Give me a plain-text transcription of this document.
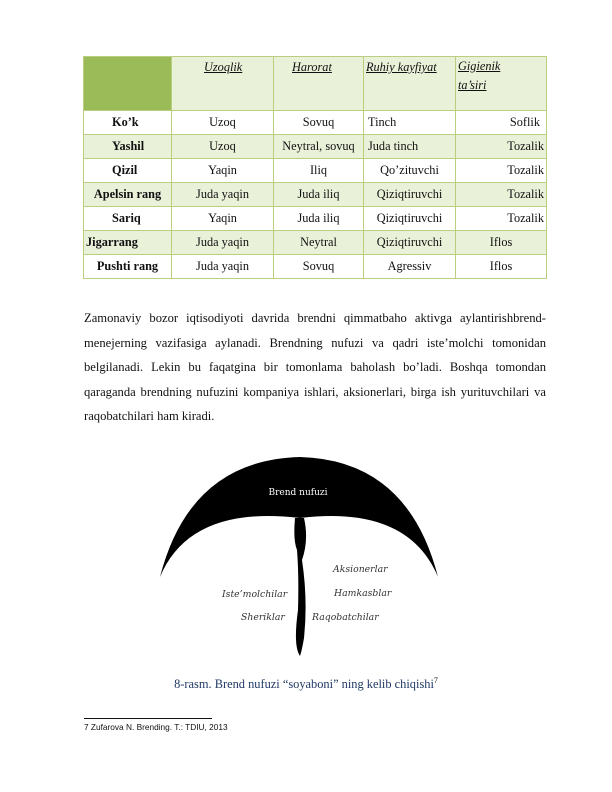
	Uzoqlik	Harorat	Ruhiy kayfiyat	Gigienik
ta’siri
Ko’k	Uzoq	Sovuq	Tinch	Soflik
Yashil	Uzoq	Neytral, sovuq	Juda tinch	Tozalik
Qizil	Yaqin	Iliq	Qo’zituvchi	Tozalik
Apelsin rang	Juda yaqin	Juda iliq	Qiziqtiruvchi	Tozalik
Sariq	Yaqin	Juda iliq	Qiziqtiruvchi	Tozalik
Jigarrang	Juda yaqin	Neytral	Qiziqtiruvchi	Iflos
Pushti rang	Juda yaqin	Sovuq	Agressiv	Iflos
Zamonaviy bozor iqtisodiyoti davrida brendni qimmatbaho aktivga aylantirishbrend-menejerning vazifasiga aylanadi. Brendning nufuzi va qadri iste’molchi tomonidan belgilanadi. Lekin bu faqatgina bir tomonlama baholash bo’ladi. Boshqa tomondan qaraganda brendning nufuzini kompaniya ishlari, aksionerlari, birga ish yurituvchilari va raqobatchilari ham kiradi.
Brend nufuzi
Iste’molchilar
Sheriklar
Aksionerlar
Hamkasblar
Raqobatchilar
8-rasm. Brend nufuzi “soyaboni” ning kelib chiqishi$^7$
7 Zufarova N. Brending. T.: TDIU, 2013
